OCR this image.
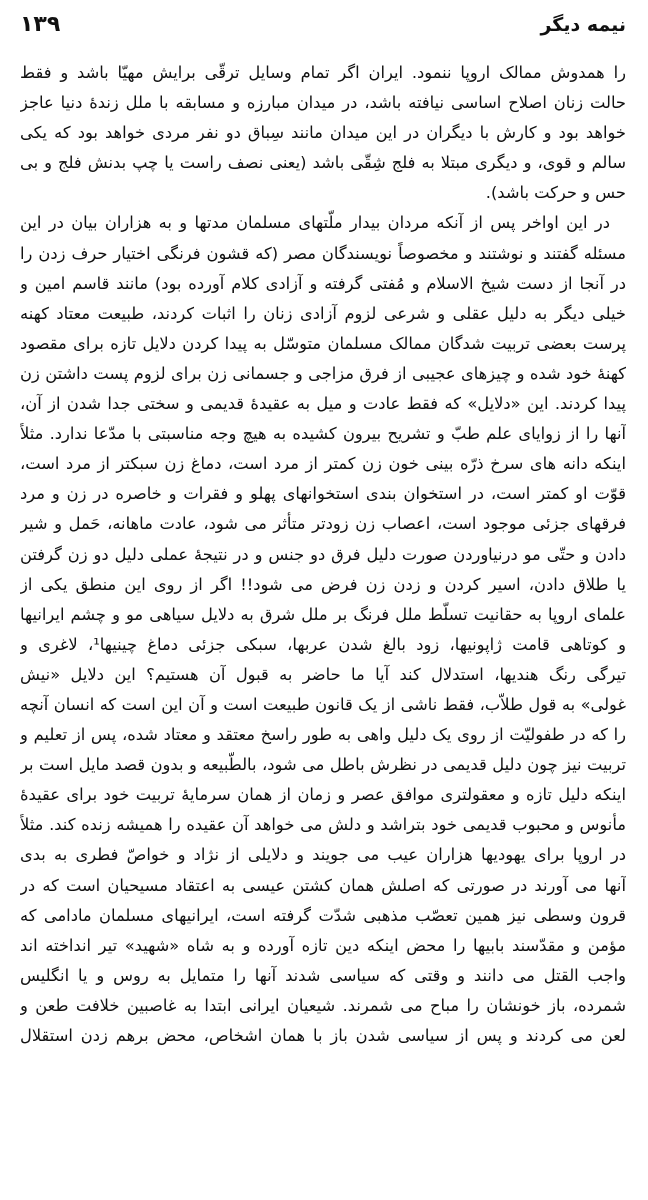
نیمه دیگر
۱۳۹
را همدوش ممالک اروپا ننمود. ایران اگر تمام وسایل ترقّی برایش مهیّا باشد و فقط
حالت زنان اصلاح اساسی نیافته باشد، در میدان مبارزه و مسابقه با ملل زندهٔ دنیا عاجز
خواهد بود و کارش با دیگران در این میدان مانند سِباق دو نفر مردی خواهد بود که یکی
سالم و قوی، و دیگری مبتلا به فلج شِقّی باشد (یعنی نصف راست یا چپ بدنش فلج و بی
حس و حرکت باشد).
در این اواخر پس از آنکه مردان بیدار ملّتهای مسلمان مدتها و به هزاران بیان در این
مسئله گفتند و نوشتند و مخصوصاً نویسندگان مصر (که قشون فرنگی اختیار حرف زدن را
در آنجا از دست شیخ الاسلام و مُفتی گرفته و آزادی کلام آورده بود) مانند قاسم امین و
خیلی دیگر به دلیل عقلی و شرعی لزوم آزادی زنان را اثبات کردند، طبیعت معتاد کهنه
پرست بعضی تربیت شدگان ممالک مسلمان متوسّل به پیدا کردن دلایل تازه برای مقصود
کهنهٔ خود شده و چیزهای عجیبی از فرق مزاجی و جسمانی زن برای لزوم پست داشتن زن
پیدا کردند. این «دلایل» که فقط عادت و میل به عقیدهٔ قدیمی و سختی جدا شدن از آن،
آنها را از زوایای علم طبّ و تشریح بیرون کشیده به هیچ وجه مناسبتی با مدّعا ندارد. مثلاً
اینکه دانه های سرخ ذرّه بینی خون زن کمتر از مرد است، دماغ زن سبکتر از مرد است،
قوّت او کمتر است، در استخوان بندی استخوانهای پهلو و فقرات و خاصره در زن و مرد
فرقهای جزئی موجود است، اعصاب زن زودتر متأثر می شود، عادت ماهانه، حَمل و شیر
دادن و حتّی مو درنیاوردن صورت دلیل فرق دو جنس و در نتیجهٔ عملی دلیل دو زن گرفتن
یا طلاق دادن، اسیر کردن و زدن زن فرض می شود!! اگر از روی این منطق یکی از
علمای اروپا به حقانیت تسلّط ملل فرنگ بر ملل شرق به دلایل سیاهی مو و چشم ایرانیها
و کوتاهی قامت ژاپونیها، زود بالغ شدن عربها، سبکی جزئی دماغ چینیها¹، لاغری و
تیرگی رنگ هندیها، استدلال کند آیا ما حاضر به قبول آن هستیم؟ این دلایل «نیش
غولی» به قول طلاّب، فقط ناشی از یک قانون طبیعت است و آن این است که انسان آنچه
را که در طفولیّت از روی یک دلیل واهی به طور راسخ معتقد و معتاد شده، پس از تعلیم و
تربیت نیز چون دلیل قدیمی در نظرش باطل می شود، بالطّبیعه و بدون قصد مایل است بر
اینکه دلیل تازه و معقولتری موافق عصر و زمان از همان سرمایهٔ تربیت خود برای عقیدهٔ
مأنوس و محبوب قدیمی خود بتراشد و دلش می خواهد آن عقیده را همیشه زنده کند. مثلاً
در اروپا برای یهودیها هزاران عیب می جویند و دلایلی از نژاد و خواصّ فطری به بدی
آنها می آورند در صورتی که اصلش همان کشتن عیسی به اعتقاد مسیحیان است که در
قرون وسطی نیز همین تعصّب مذهبی شدّت گرفته است، ایرانیهای مسلمان مادامی که
مؤمن و مقدّسند بابیها را محض اینکه دین تازه آورده و به شاه «شهید» تیر انداخته اند
واجب القتل می دانند و وقتی که سیاسی شدند آنها را متمایل به روس و یا انگلیس
شمرده، باز خونشان را مباح می شمرند. شیعیان ایرانی ابتدا به غاصبین خلافت طعن و
لعن می کردند و پس از سیاسی شدن باز با همان اشخاص، محض برهم زدن استقلال
